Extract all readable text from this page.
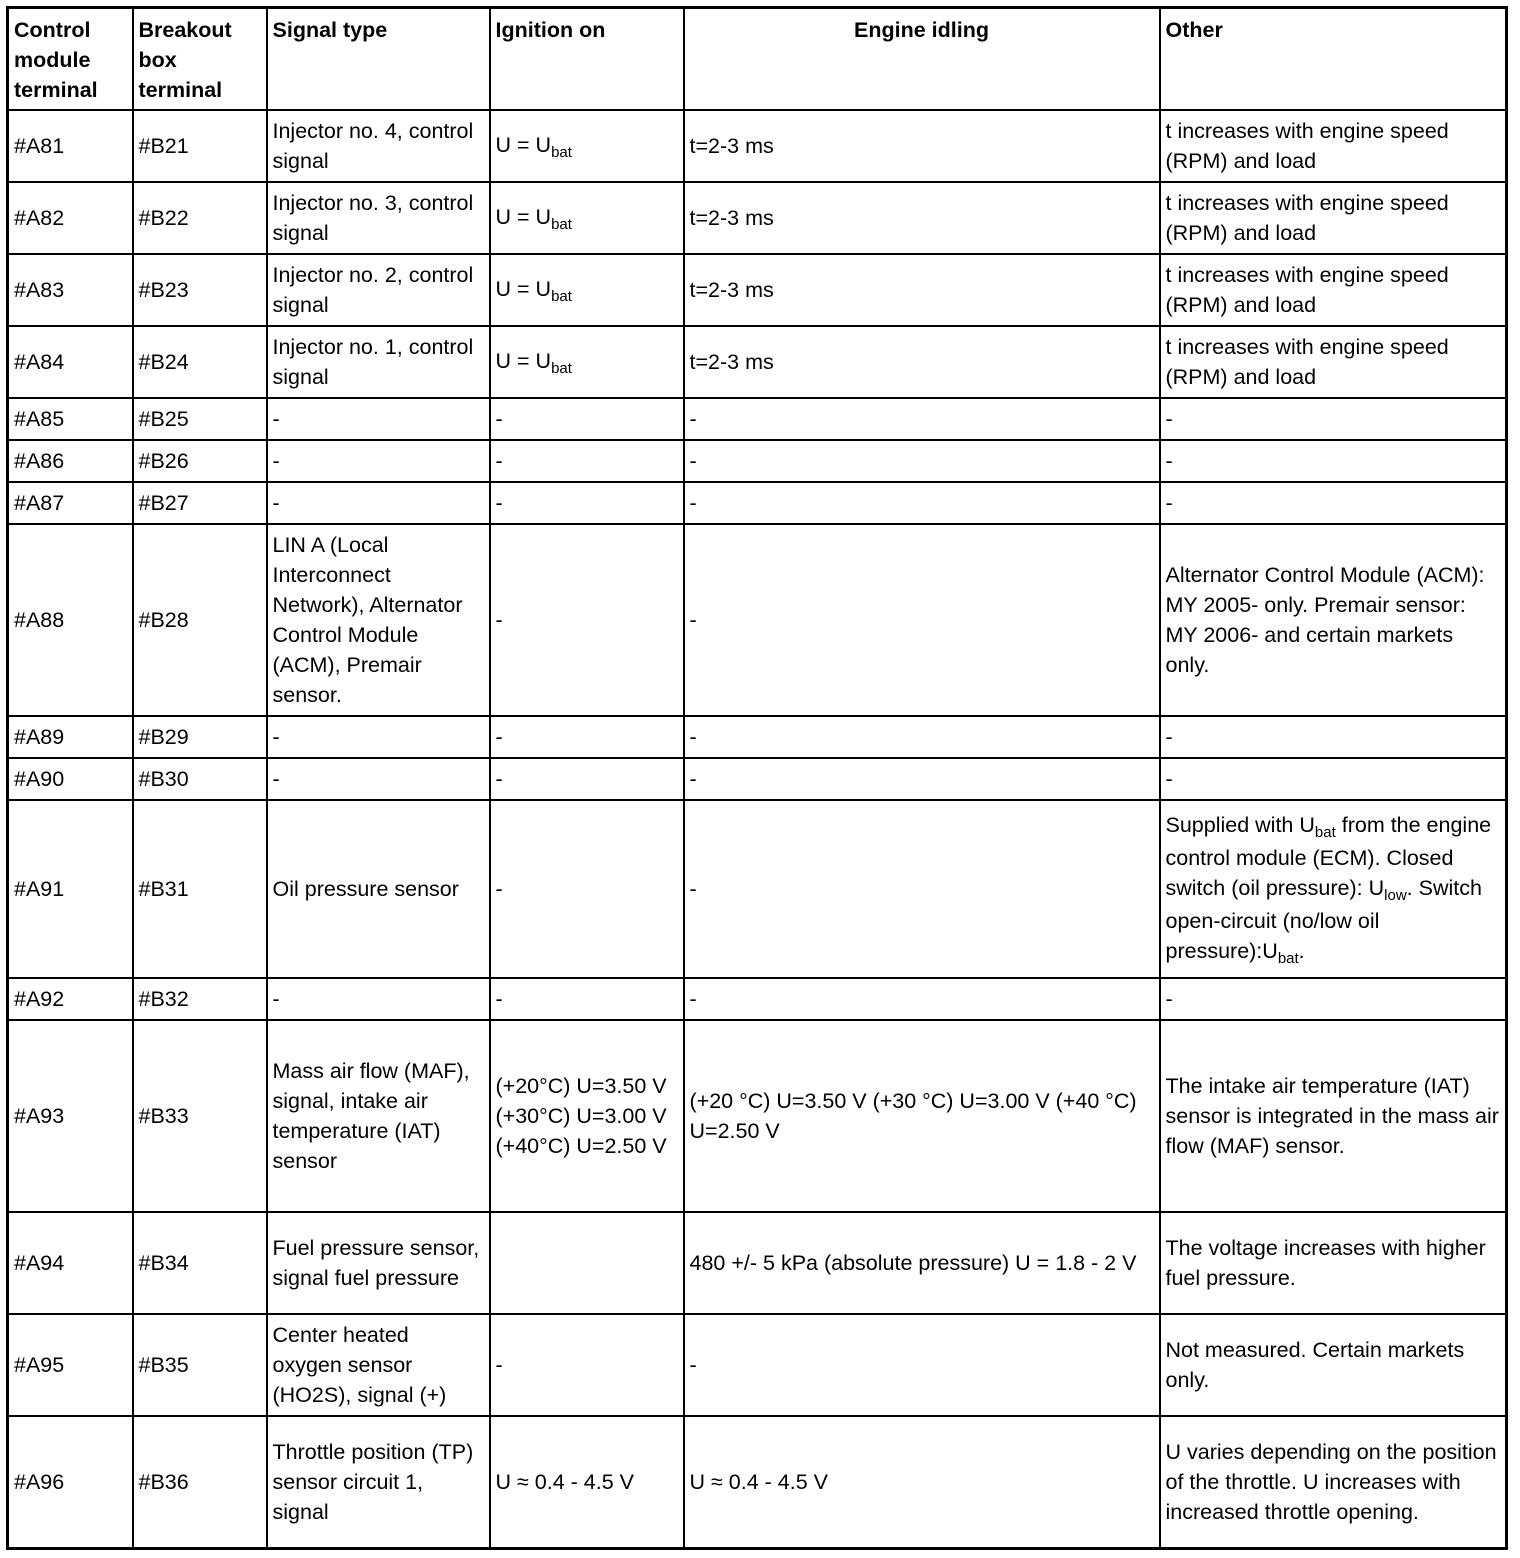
Control module terminal	Breakout box terminal	Signal type	Ignition on	Engine idling	Other
#A81	#B21	Injector no. 4, control signal	$U = U_{bat}$	t=2-3 ms	t increases with engine speed (RPM) and load
#A82	#B22	Injector no. 3, control signal	$U = U_{bat}$	t=2-3 ms	t increases with engine speed (RPM) and load
#A83	#B23	Injector no. 2, control signal	$U = U_{bat}$	t=2-3 ms	t increases with engine speed (RPM) and load
#A84	#B24	Injector no. 1, control signal	$U = U_{bat}$	t=2-3 ms	t increases with engine speed (RPM) and load
#A85	#B25	-	-	-	-
#A86	#B26	-	-	-	-
#A87	#B27	-	-	-	-
#A88	#B28	LIN A (Local Interconnect Network), Alternator Control Module (ACM), Premair sensor.	-	-	Alternator Control Module (ACM): MY 2005- only. Premair sensor: MY 2006- and certain markets only.
#A89	#B29	-	-	-	-
#A90	#B30	-	-	-	-
#A91	#B31	Oil pressure sensor	-	-	Supplied with $U_{bat}$ from the engine control module (ECM). Closed switch (oil pressure): $U_{low}$. Switch open-circuit (no/low oil $pressure):U_{bat}$.
#A92	#B32	-	-	-	-
#A93	#B33	Mass air flow (MAF), signal, intake air temperature (IAT) sensor	(+20°C) U=3.50 V (+30°C) U=3.00 V (+40°C) U=2.50 V	(+20 °C) U=3.50 V (+30 °C) U=3.00 V (+40 °C) U=2.50 V	The intake air temperature (IAT) sensor is integrated in the mass air flow (MAF) sensor.
#A94	#B34	Fuel pressure sensor, signal fuel pressure		480 +/- 5 kPa (absolute pressure) U = 1.8 - 2 V	The voltage increases with higher fuel pressure.
#A95	#B35	Center heated oxygen sensor (HO2S), signal (+)	-	-	Not measured. Certain markets only.
#A96	#B36	Throttle position (TP) sensor circuit 1, signal	U ≈ 0.4 - 4.5 V	U ≈ 0.4 - 4.5 V	U varies depending on the position of the throttle. U increases with increased throttle opening.
